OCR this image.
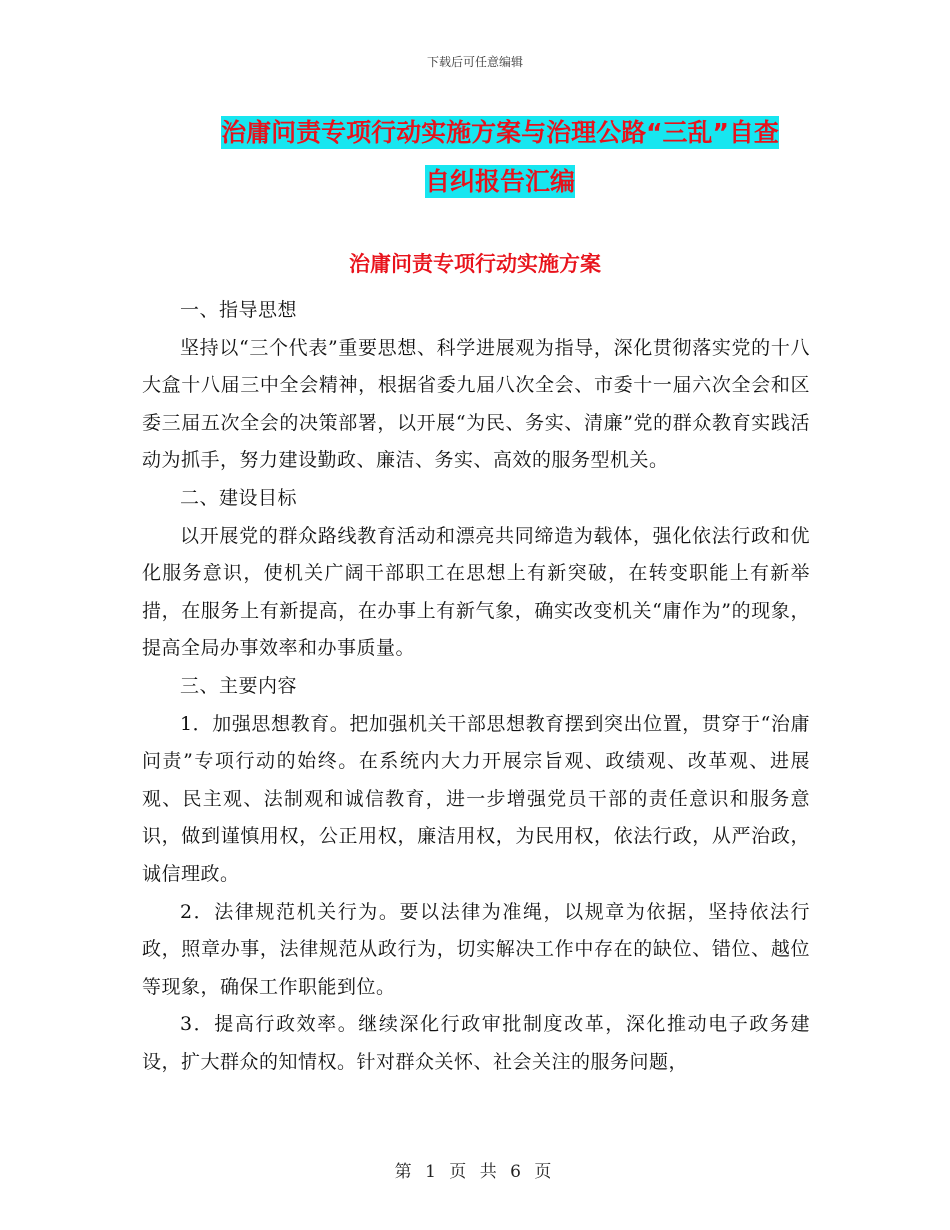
下载后可任意编辑
治庸问责专项行动实施方案与治理公路“三乱”自查
自纠报告汇编
治庸问责专项行动实施方案

一、指导思想

坚持以“三个代表”重要思想、科学进展观为指导，深化贯彻落实党的十八大盒十八届三中全会精神，根据省委九届八次全会、市委十一届六次全会和区委三届五次全会的决策部署，以开展“为民、务实、清廉”党的群众教育实践活动为抓手，努力建设勤政、廉洁、务实、高效的服务型机关。

二、建设目标

以开展党的群众路线教育活动和漂亮共同缔造为载体，强化依法行政和优化服务意识，使机关广阔干部职工在思想上有新突破，在转变职能上有新举措，在服务上有新提高，在办事上有新气象，确实改变机关“庸作为”的现象，提高全局办事效率和办事质量。

三、主要内容

1．加强思想教育。把加强机关干部思想教育摆到突出位置，贯穿于“治庸问责”专项行动的始终。在系统内大力开展宗旨观、政绩观、改革观、进展观、民主观、法制观和诚信教育，进一步增强党员干部的责任意识和服务意识，做到谨慎用权，公正用权，廉洁用权，为民用权，依法行政，从严治政，诚信理政。

2．法律规范机关行为。要以法律为准绳，以规章为依据，坚持依法行政，照章办事，法律规范从政行为，切实解决工作中存在的缺位、错位、越位等现象，确保工作职能到位。

3．提高行政效率。继续深化行政审批制度改革，深化推动电子政务建设，扩大群众的知情权。针对群众关怀、社会关注的服务问题，

第 1 页 共 6 页
